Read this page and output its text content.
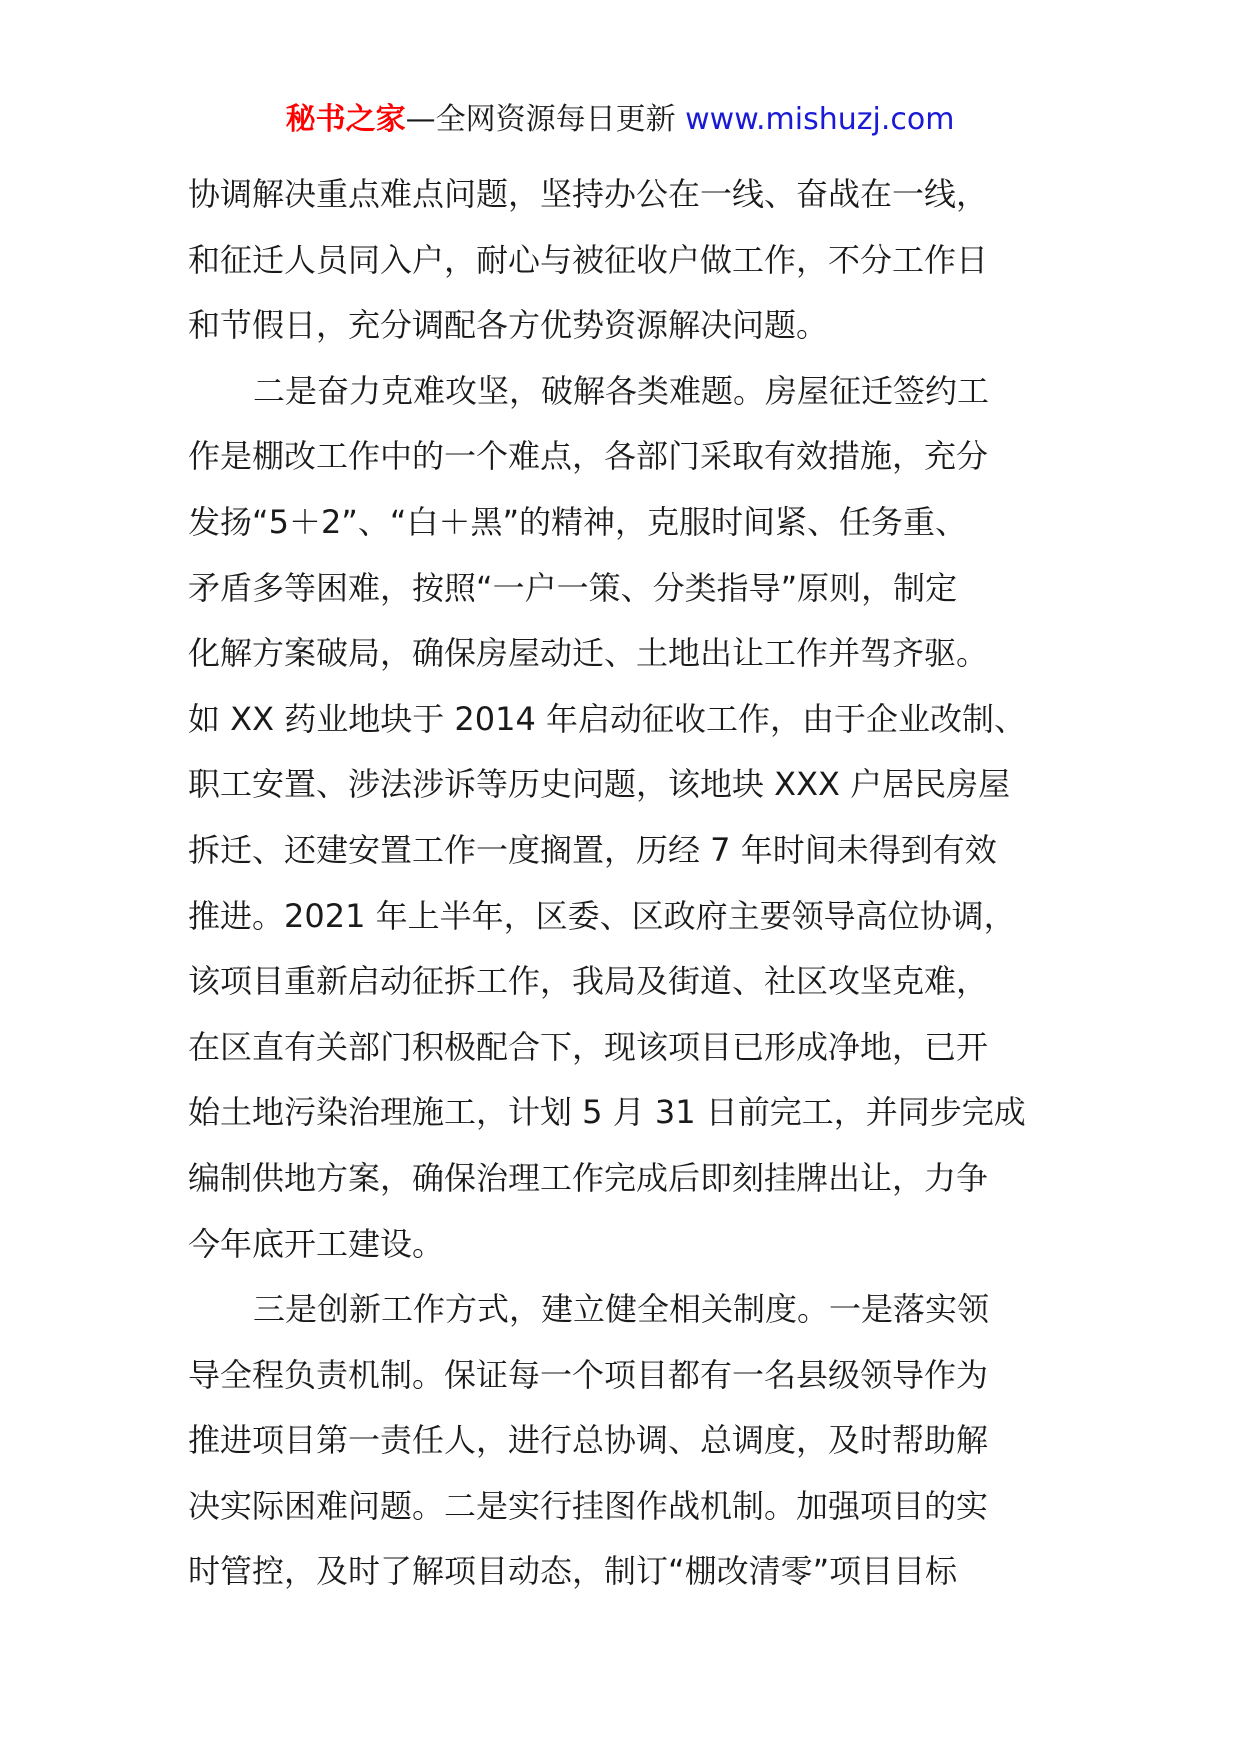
秘书之家—全网资源每日更新 www.mishuzj.com
协调解决重点难点问题，坚持办公在一线、奋战在一线，
和征迁人员同入户，耐心与被征收户做工作，不分工作日
和节假日，充分调配各方优势资源解决问题。
二是奋力克难攻坚，破解各类难题。房屋征迁签约工
作是棚改工作中的一个难点，各部门采取有效措施，充分
发扬“5＋2”、“白＋黑”的精神，克服时间紧、任务重、
矛盾多等困难，按照“一户一策、分类指导”原则，制定
化解方案破局，确保房屋动迁、土地出让工作并驾齐驱。
如 XX 药业地块于 2014 年启动征收工作，由于企业改制、
职工安置、涉法涉诉等历史问题，该地块 XXX 户居民房屋
拆迁、还建安置工作一度搁置，历经 7 年时间未得到有效
推进。2021 年上半年，区委、区政府主要领导高位协调，
该项目重新启动征拆工作，我局及街道、社区攻坚克难，
在区直有关部门积极配合下，现该项目已形成净地，已开
始土地污染治理施工，计划 5 月 31 日前完工，并同步完成
编制供地方案，确保治理工作完成后即刻挂牌出让，力争
今年底开工建设。
三是创新工作方式，建立健全相关制度。一是落实领
导全程负责机制。保证每一个项目都有一名县级领导作为
推进项目第一责任人，进行总协调、总调度，及时帮助解
决实际困难问题。二是实行挂图作战机制。加强项目的实
时管控，及时了解项目动态，制订“棚改清零”项目目标
